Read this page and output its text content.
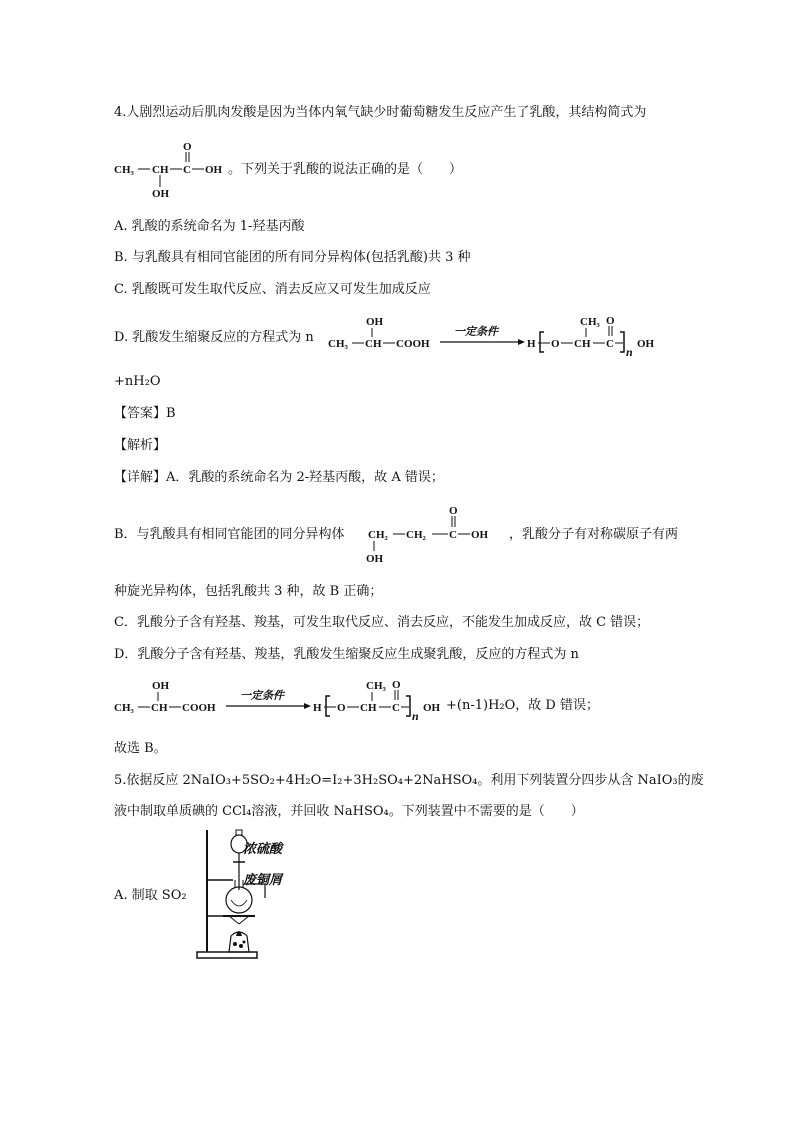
4.人剧烈运动后肌肉发酸是因为当体内氧气缺少时葡萄糖发生反应产生了乳酸，其结构简式为
CH₃ CH
OH
C
O
OH 。下列关于乳酸的说法正确的是（　　）
A. 乳酸的系统命名为 1-羟基丙酸
B. 与乳酸具有相同官能团的所有同分异构体(包括乳酸)共 3 种
C. 乳酸既可发生取代反应、消去反应又可发生加成反应
D. 乳酸发生缩聚反应的方程式为 n
OH
CH₃ CH COOH
一定条件
H O
CH₃
CH C
O
n
OH
+nH₂O
【答案】B
【解析】
【详解】A．乳酸的系统命名为 2-羟基丙酸，故 A 错误；
B．与乳酸具有相同官能团的同分异构体 CH₂
OH
CH₂ C
O
OH ，乳酸分子有对称碳原子有两
种旋光异构体，包括乳酸共 3 种，故 B 正确；
C．乳酸分子含有羟基、羧基，可发生取代反应、消去反应，不能发生加成反应，故 C 错误；
D．乳酸分子含有羟基、羧基，乳酸发生缩聚反应生成聚乳酸，反应的方程式为 n
OH
CH₃ CH COOH
一定条件
H O
CH₃
CH C
O
n
OH +(n-1)H₂O，故 D 错误；
故选 B。
5.依据反应 2NaIO₃+5SO₂+4H₂O=I₂+3H₂SO₄+2NaHSO₄。利用下列装置分四步从含 NaIO₃的废
液中制取单质碘的 CCl₄溶液，并回收 NaHSO₄。下列装置中不需要的是（　　）
A. 制取 SO₂
浓硫酸
废铜屑
